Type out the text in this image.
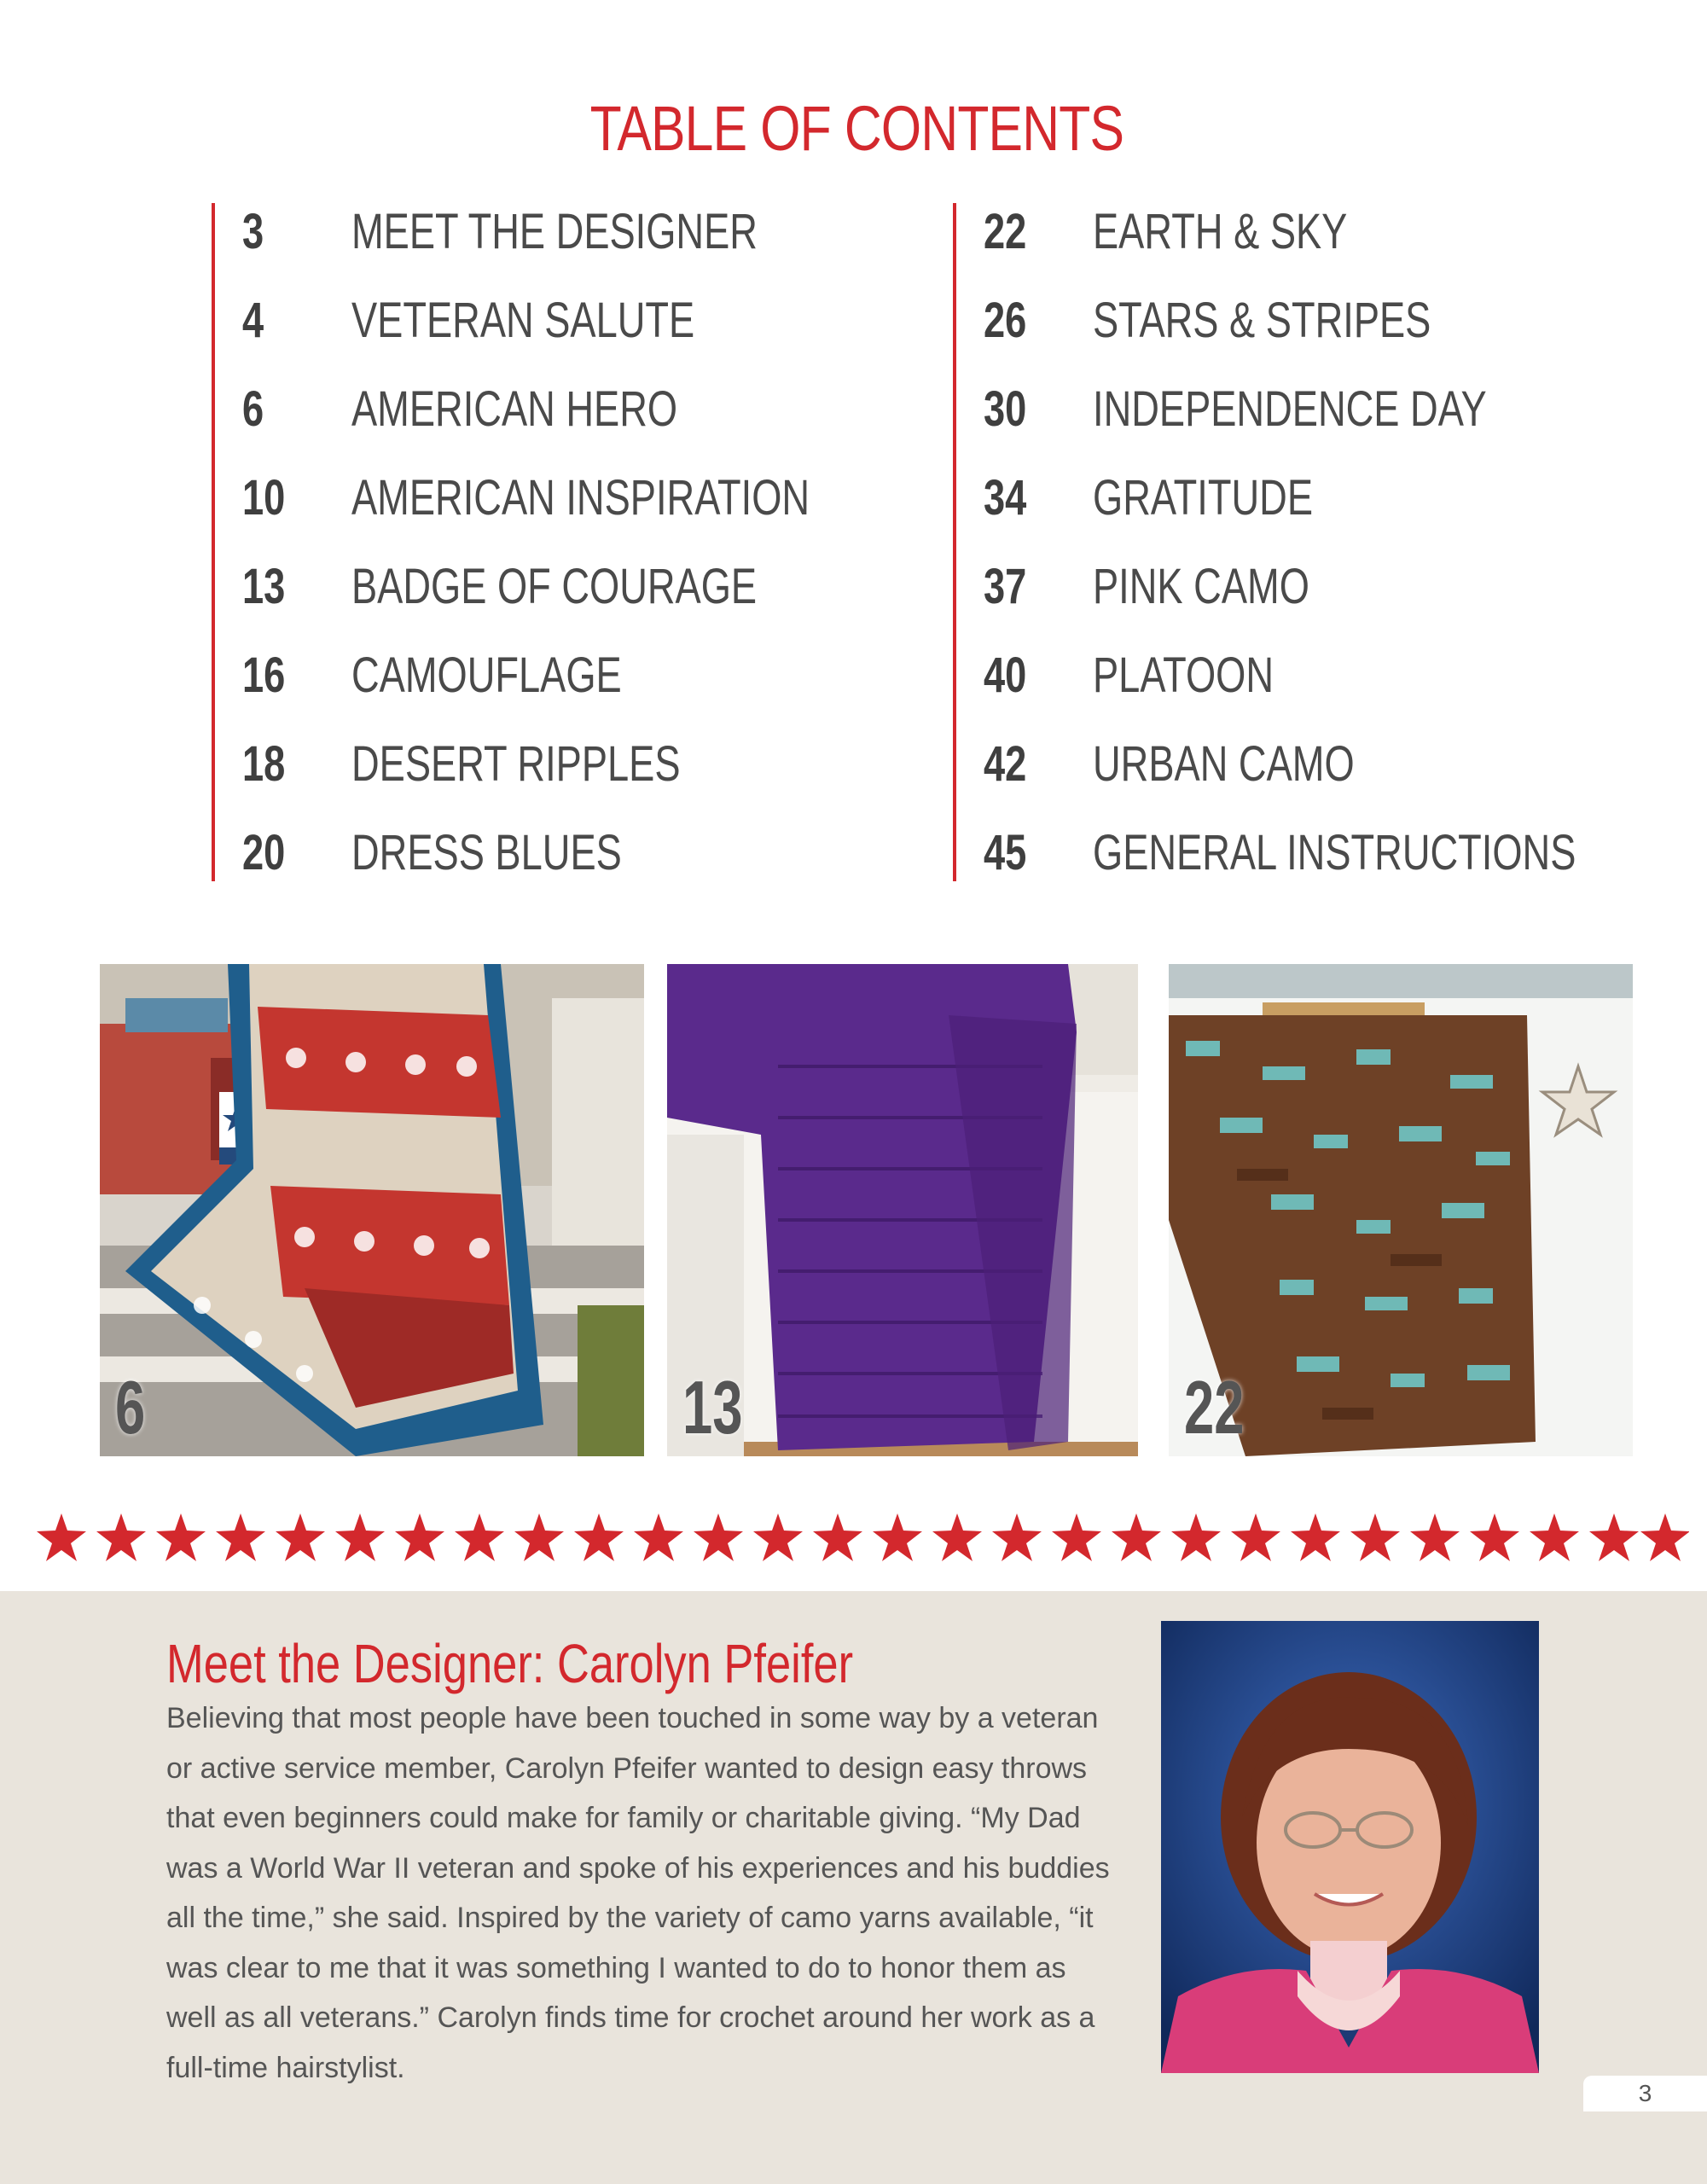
TABLE OF CONTENTS
3 MEET THE DESIGNER
4 VETERAN SALUTE
6 AMERICAN HERO
10 AMERICAN INSPIRATION
13 BADGE OF COURAGE
16 CAMOUFLAGE
18 DESERT RIPPLES
20 DRESS BLUES
22 EARTH & SKY
26 STARS & STRIPES
30 INDEPENDENCE DAY
34 GRATITUDE
37 PINK CAMO
40 PLATOON
42 URBAN CAMO
45 GENERAL INSTRUCTIONS
6	13	22
Meet the Designer: Carolyn Pfeifer
Believing that most people have been touched in some way by a veteran or active service member, Carolyn Pfeifer wanted to design easy throws that even beginners could make for family or charitable giving. “My Dad was a World War II veteran and spoke of his experiences and his buddies all the time,” she said. Inspired by the variety of camo yarns available, “it was clear to me that it was something I wanted to do to honor them as well as all veterans.” Carolyn finds time for crochet around her work as a full-time hairstylist.
3
